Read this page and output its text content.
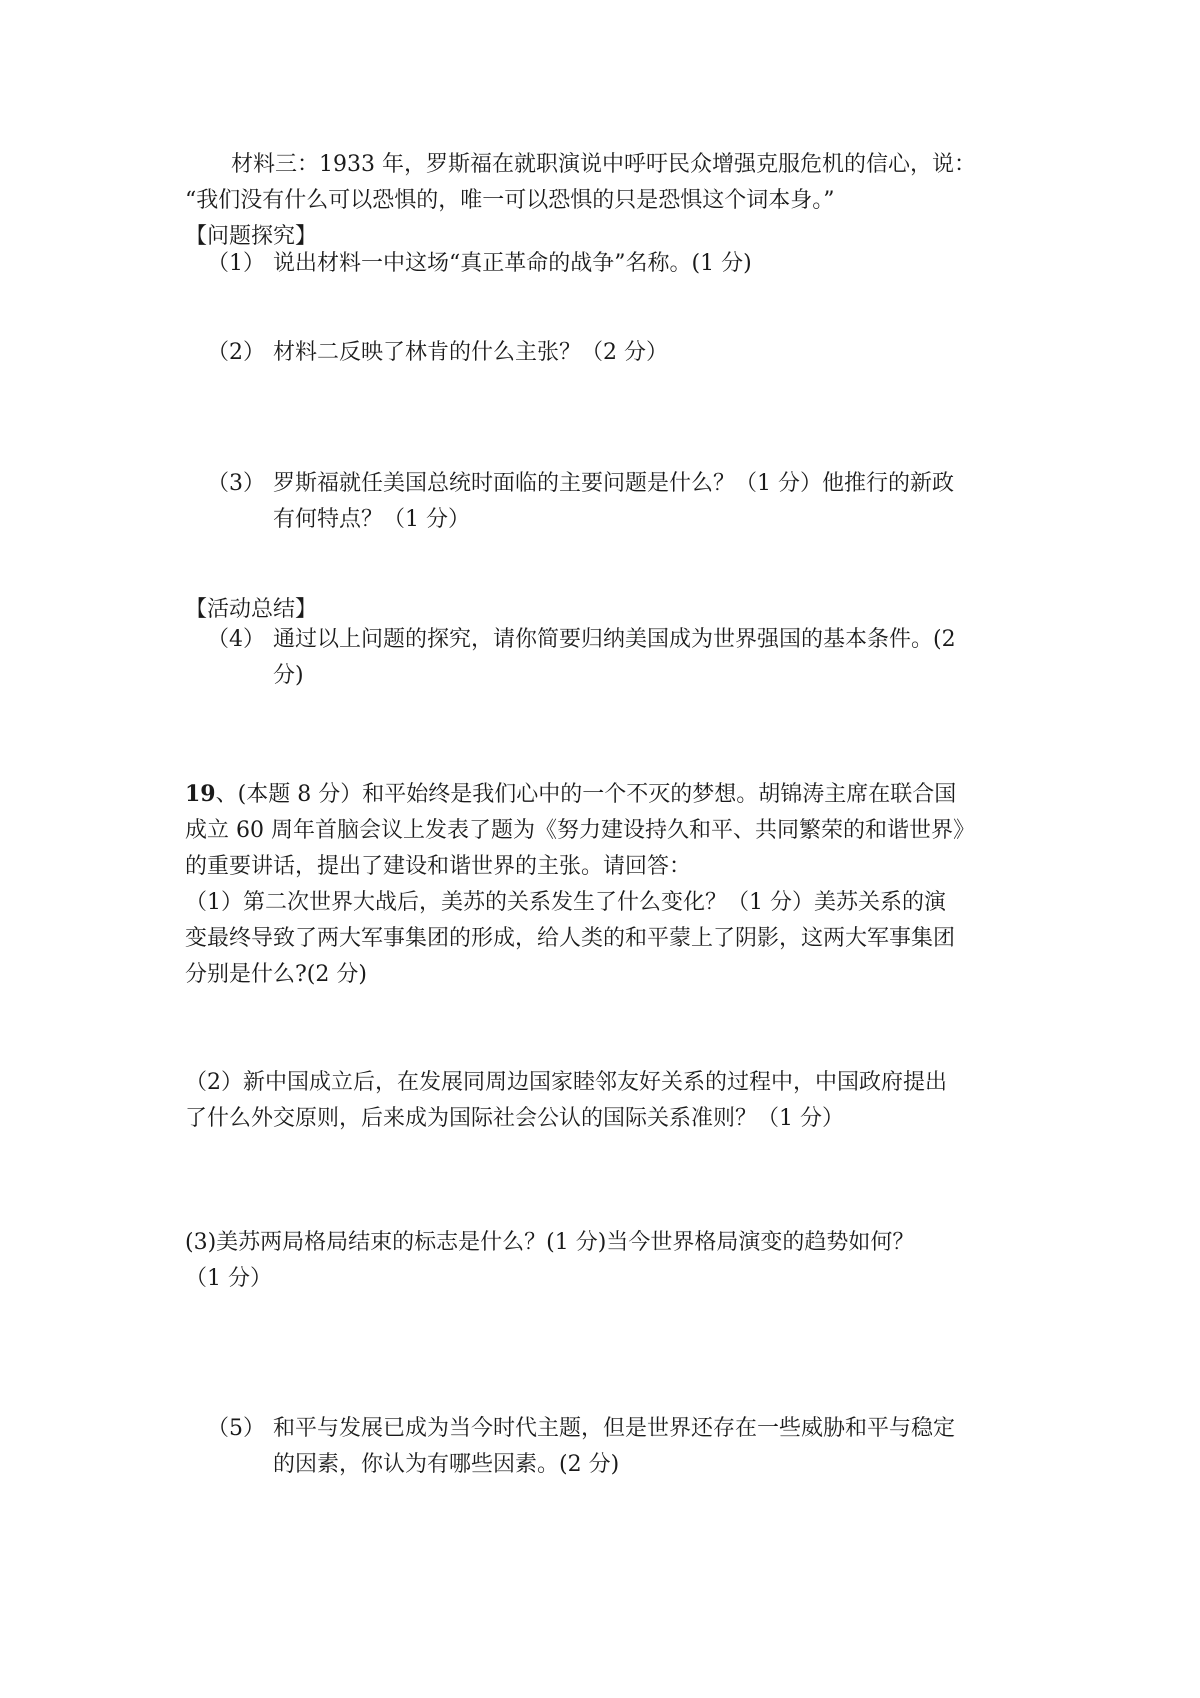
材料三：1933 年，罗斯福在就职演说中呼吁民众增强克服危机的信心，说：
“我们没有什么可以恐惧的，唯一可以恐惧的只是恐惧这个词本身。”
【问题探究】
（1） 说出材料一中这场“真正革命的战争”名称。(1 分)
（2） 材料二反映了林肯的什么主张？（2 分）
（3） 罗斯福就任美国总统时面临的主要问题是什么？（1 分）他推行的新政
有何特点？（1 分）
【活动总结】
（4） 通过以上问题的探究，请你简要归纳美国成为世界强国的基本条件。(2
分)
19、(本题 8 分）和平始终是我们心中的一个不灭的梦想。胡锦涛主席在联合国
成立 60 周年首脑会议上发表了题为《努力建设持久和平、共同繁荣的和谐世界》
的重要讲话，提出了建设和谐世界的主张。请回答：
（1）第二次世界大战后，美苏的关系发生了什么变化？（1 分）美苏关系的演
变最终导致了两大军事集团的形成，给人类的和平蒙上了阴影，这两大军事集团
分别是什么?(2 分)
（2）新中国成立后，在发展同周边国家睦邻友好关系的过程中，中国政府提出
了什么外交原则，后来成为国际社会公认的国际关系准则？（1 分）
(3)美苏两局格局结束的标志是什么？(1 分)当今世界格局演变的趋势如何？
（1 分）
（5） 和平与发展已成为当今时代主题，但是世界还存在一些威胁和平与稳定
的因素，你认为有哪些因素。(2 分)
